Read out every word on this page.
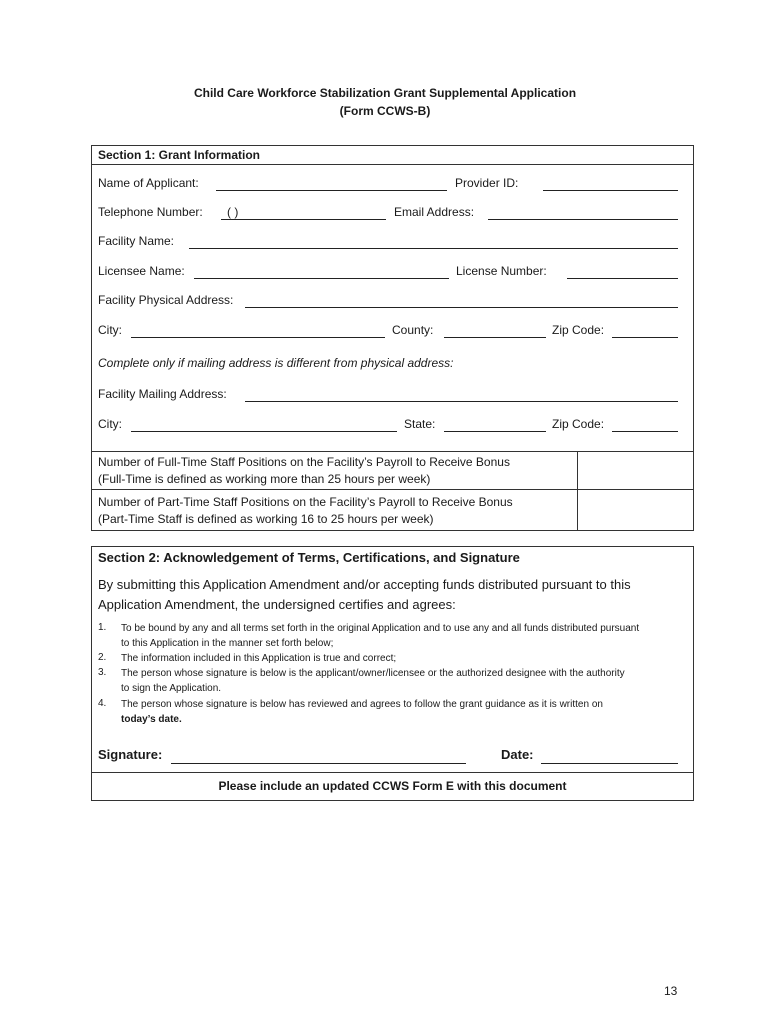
Child Care Workforce Stabilization Grant Supplemental Application
(Form CCWS-B)
Section 1: Grant Information
Name of Applicant:	Provider ID:
Telephone Number: ( )	Email Address:
Facility Name:
Licensee Name:	License Number:
Facility Physical Address:
City:	County:	Zip Code:
Complete only if mailing address is different from physical address:
Facility Mailing Address:
City:	State:	Zip Code:
Number of Full-Time Staff Positions on the Facility’s Payroll to Receive Bonus
(Full-Time is defined as working more than 25 hours per week)
Number of Part-Time Staff Positions on the Facility’s Payroll to Receive Bonus
(Part-Time Staff is defined as working 16 to 25 hours per week)
Section 2: Acknowledgement of Terms, Certifications, and Signature
By submitting this Application Amendment and/or accepting funds distributed pursuant to this
Application Amendment, the undersigned certifies and agrees:
1. To be bound by any and all terms set forth in the original Application and to use any and all funds distributed pursuant
to this Application in the manner set forth below;
2. The information included in this Application is true and correct;
3. The person whose signature is below is the applicant/owner/licensee or the authorized designee with the authority
to sign the Application.
4. The person whose signature is below has reviewed and agrees to follow the grant guidance as it is written on
today’s date.
Signature:	Date:
Please include an updated CCWS Form E with this document
13
